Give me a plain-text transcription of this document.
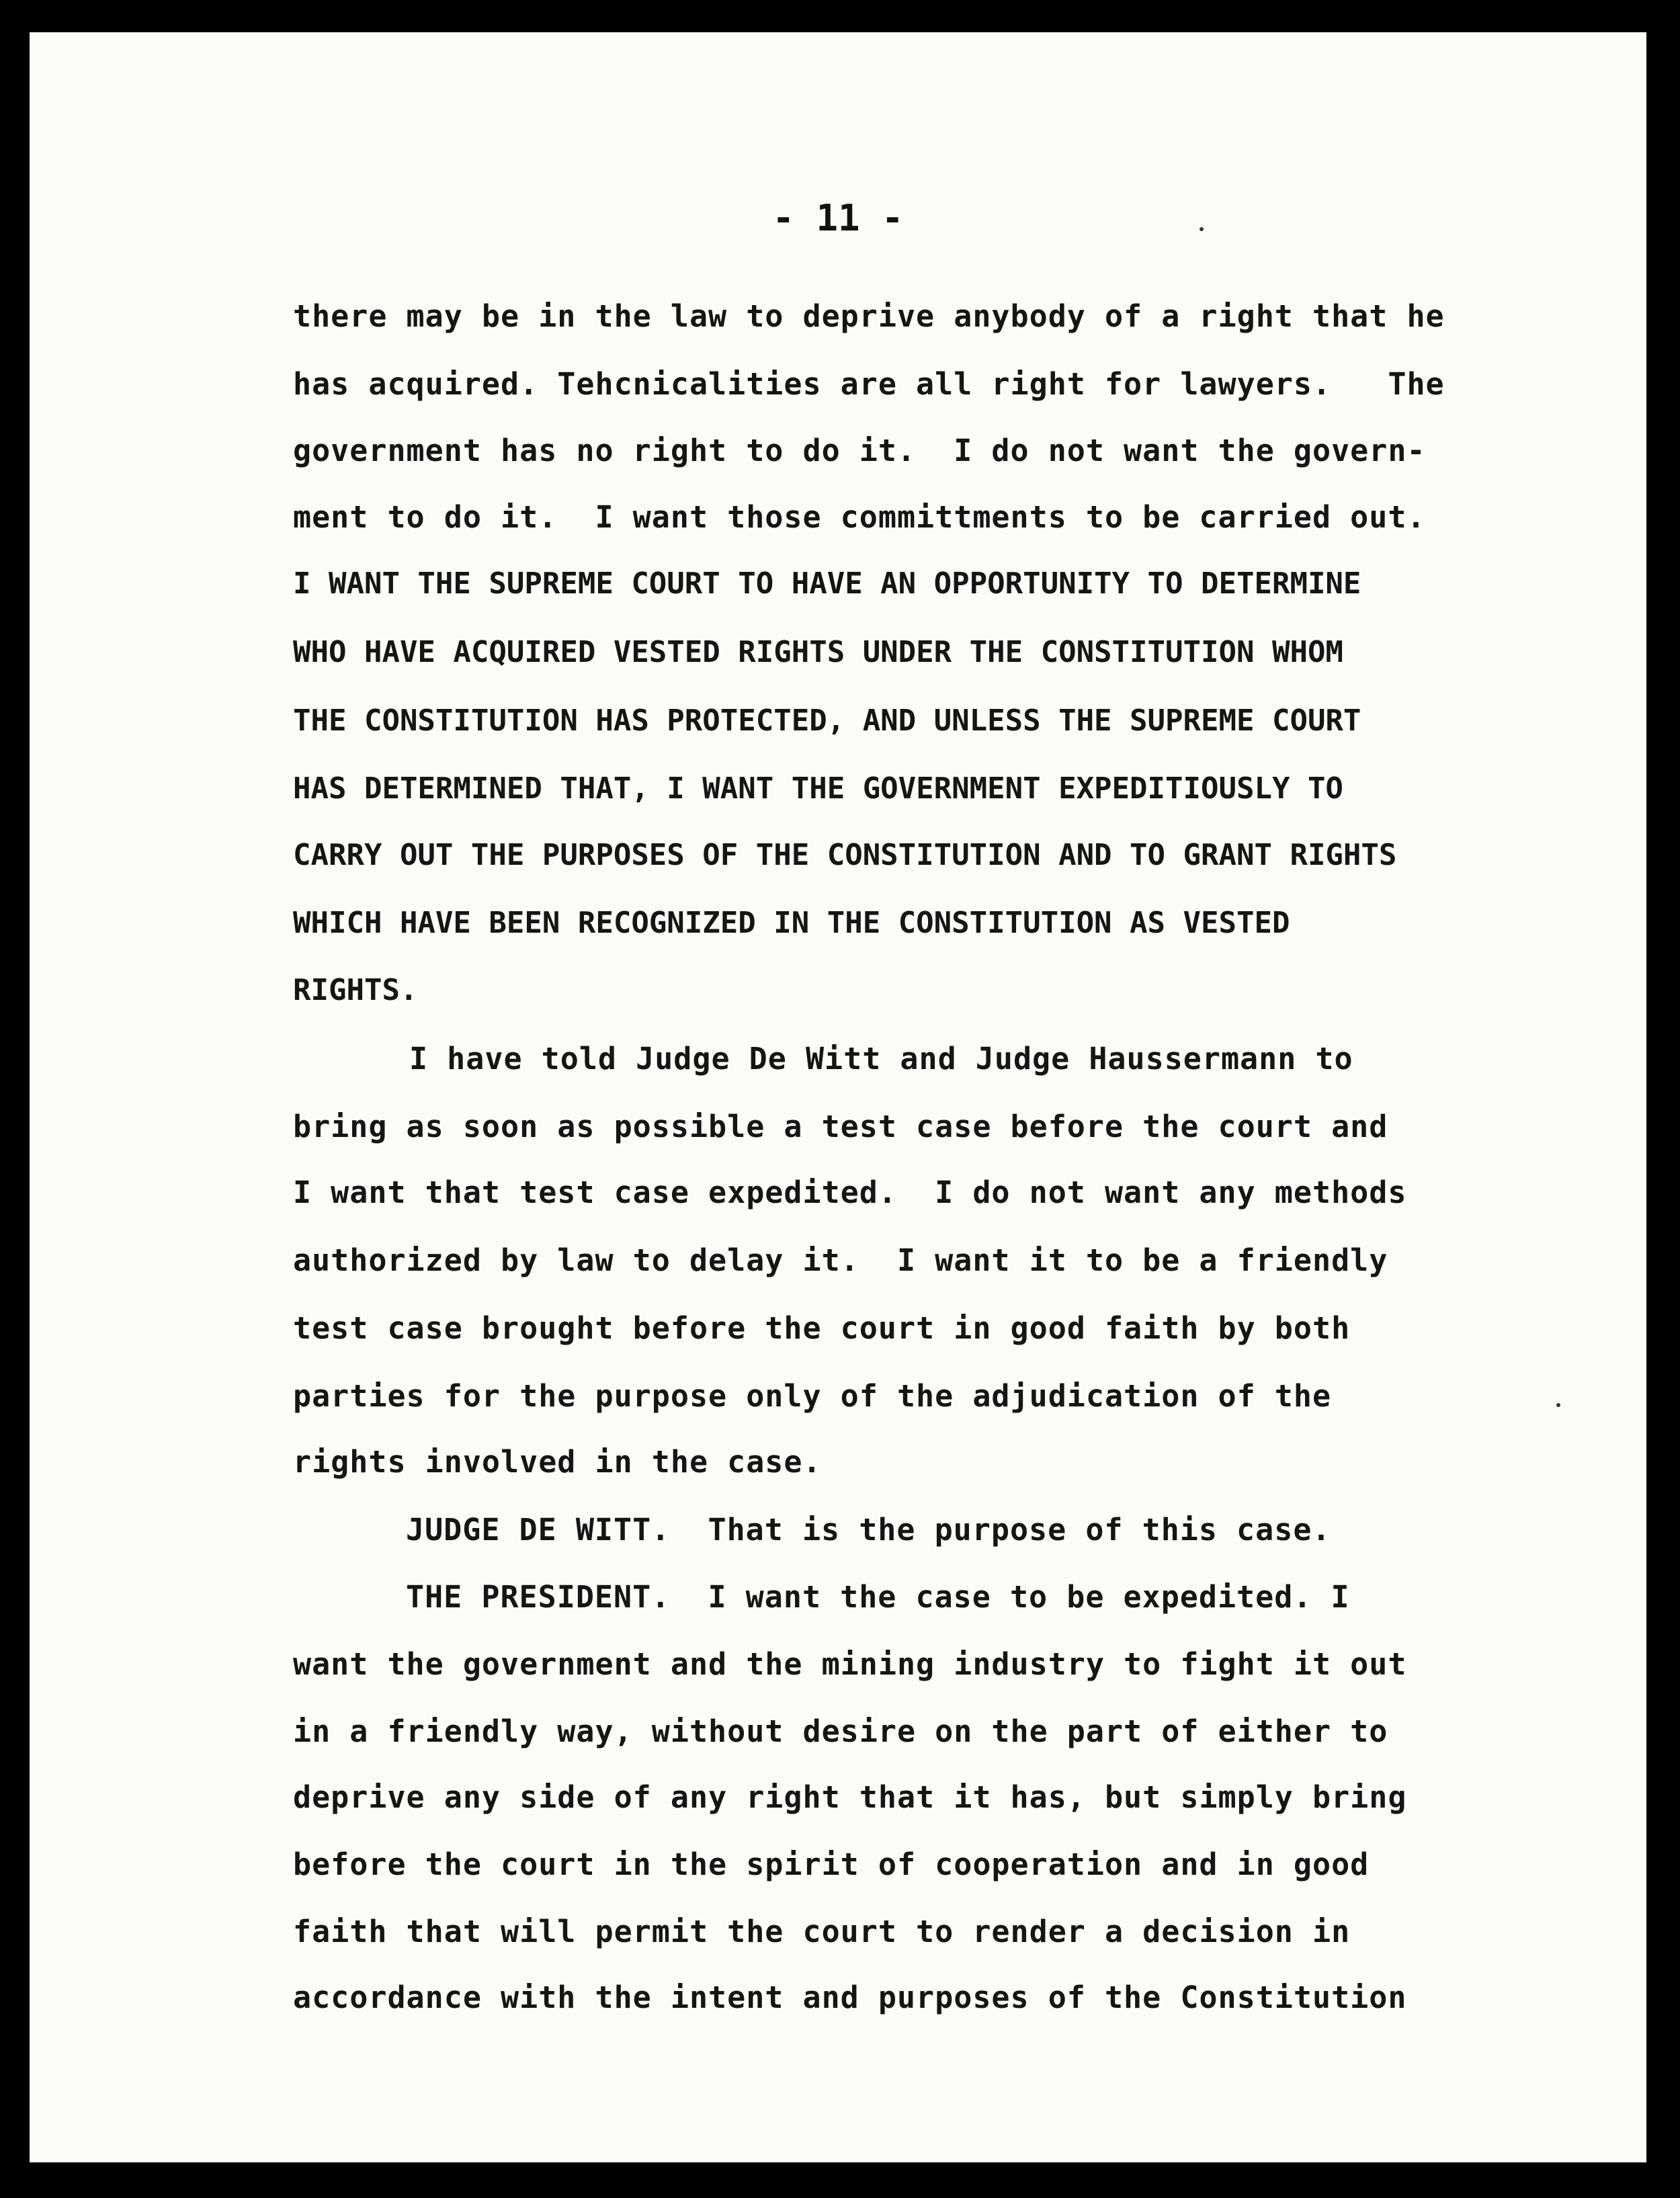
- 11 -
there may be in the law to deprive anybody of a right that he
has acquired. Tehcnicalities are all right for lawyers.   The
government has no right to do it.  I do not want the govern-
ment to do it.  I want those committments to be carried out.
I WANT THE SUPREME COURT TO HAVE AN OPPORTUNITY TO DETERMINE
WHO HAVE ACQUIRED VESTED RIGHTS UNDER THE CONSTITUTION WHOM
THE CONSTITUTION HAS PROTECTED, AND UNLESS THE SUPREME COURT
HAS DETERMINED THAT, I WANT THE GOVERNMENT EXPEDITIOUSLY TO
CARRY OUT THE PURPOSES OF THE CONSTITUTION AND TO GRANT RIGHTS
WHICH HAVE BEEN RECOGNIZED IN THE CONSTITUTION AS VESTED
RIGHTS.
I have told Judge De Witt and Judge Haussermann to
bring as soon as possible a test case before the court and
I want that test case expedited.  I do not want any methods
authorized by law to delay it.  I want it to be a friendly
test case brought before the court in good faith by both
parties for the purpose only of the adjudication of the
rights involved in the case.
JUDGE DE WITT.  That is the purpose of this case.
THE PRESIDENT.  I want the case to be expedited. I
want the government and the mining industry to fight it out
in a friendly way, without desire on the part of either to
deprive any side of any right that it has, but simply bring
before the court in the spirit of cooperation and in good
faith that will permit the court to render a decision in
accordance with the intent and purposes of the Constitution
